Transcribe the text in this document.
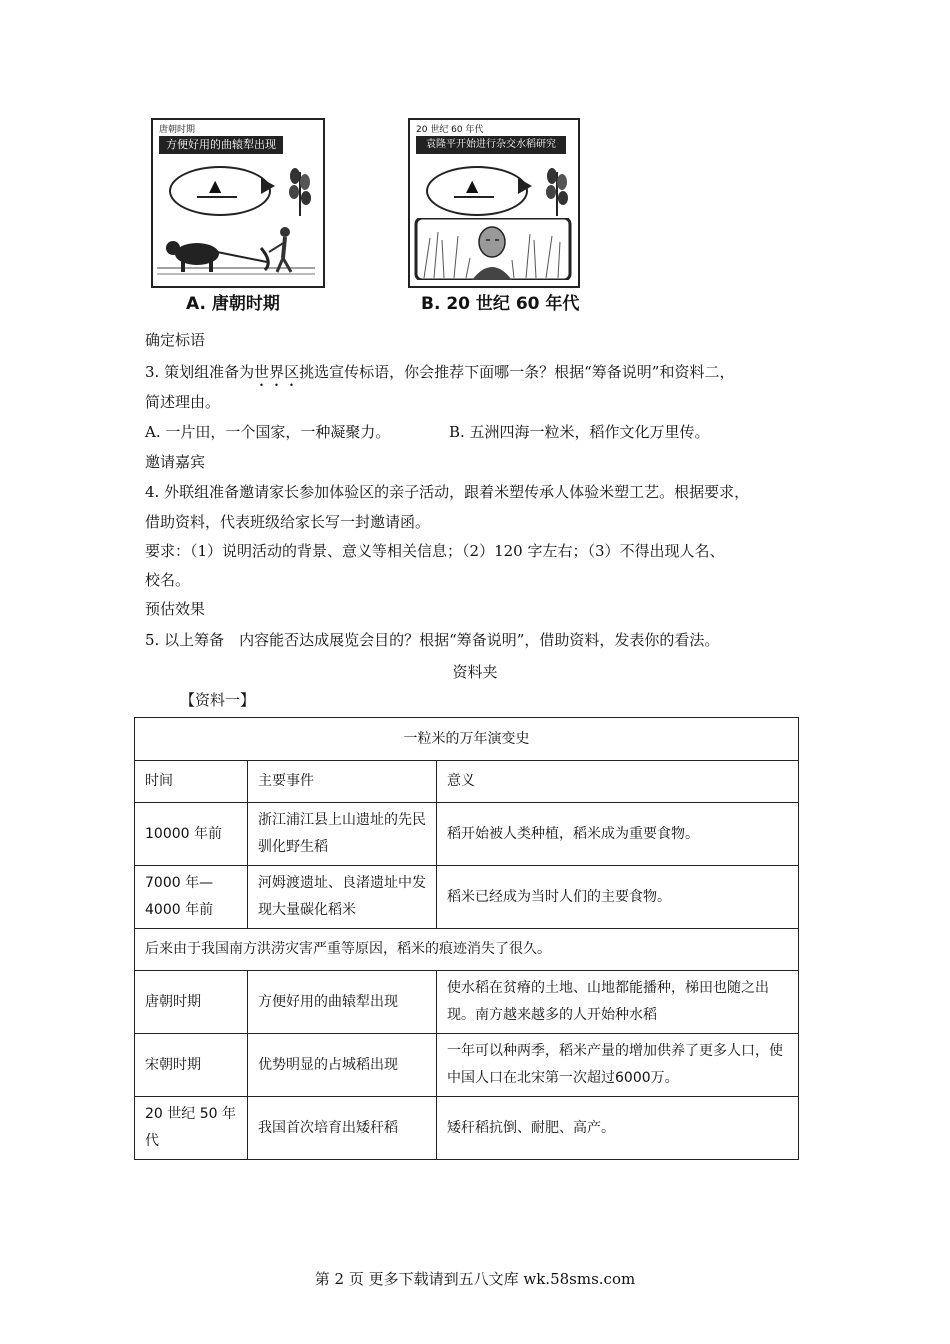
唐朝时期
方便好用的曲辕犁出现
▲
A. 唐朝时期
20 世纪 60 年代
袁隆平开始进行杂交水稻研究
▲
B. 20 世纪 60 年代
确定标语
3. 策划组准备为世界区挑选宣传标语，你会推荐下面哪一条？根据“筹备说明”和资料二，
简述理由。
A. 一片田，一个国家，一种凝聚力。	B. 五洲四海一粒米，稻作文化万里传。
邀请嘉宾
4. 外联组准备邀请家长参加体验区的亲子活动，跟着米塑传承人体验米塑工艺。根据要求，
借助资料，代表班级给家长写一封邀请函。
要求：（1）说明活动的背景、意义等相关信息；（2）120 字左右；（3）不得出现人名、
校名。
预估效果
5. 以上筹备　内容能否达成展览会目的？根据“筹备说明”，借助资料，发表你的看法。
资料夹
【资料一】
一粒米的万年演变史		
时间	主要事件	意义
10000 年前	浙江浦江县上山遗址的先民驯化野生稻	稻开始被人类种植，稻米成为重要食物。
7000 年—4000 年前	河姆渡遗址、良渚遗址中发现大量碳化稻米	稻米已经成为当时人们的主要食物。
后来由于我国南方洪涝灾害严重等原因，稻米的痕迹消失了很久。		
唐朝时期	方便好用的曲辕犁出现	使水稻在贫瘠的土地、山地都能播种，梯田也随之出现。南方越来越多的人开始种水稻
宋朝时期	优势明显的占城稻出现	一年可以种两季，稻米产量的增加供养了更多人口，使中国人口在北宋第一次超过6000万。
20 世纪 50 年代	我国首次培育出矮秆稻	矮秆稻抗倒、耐肥、高产。
第 2 页 更多下载请到五八文库 wk.58sms.com
